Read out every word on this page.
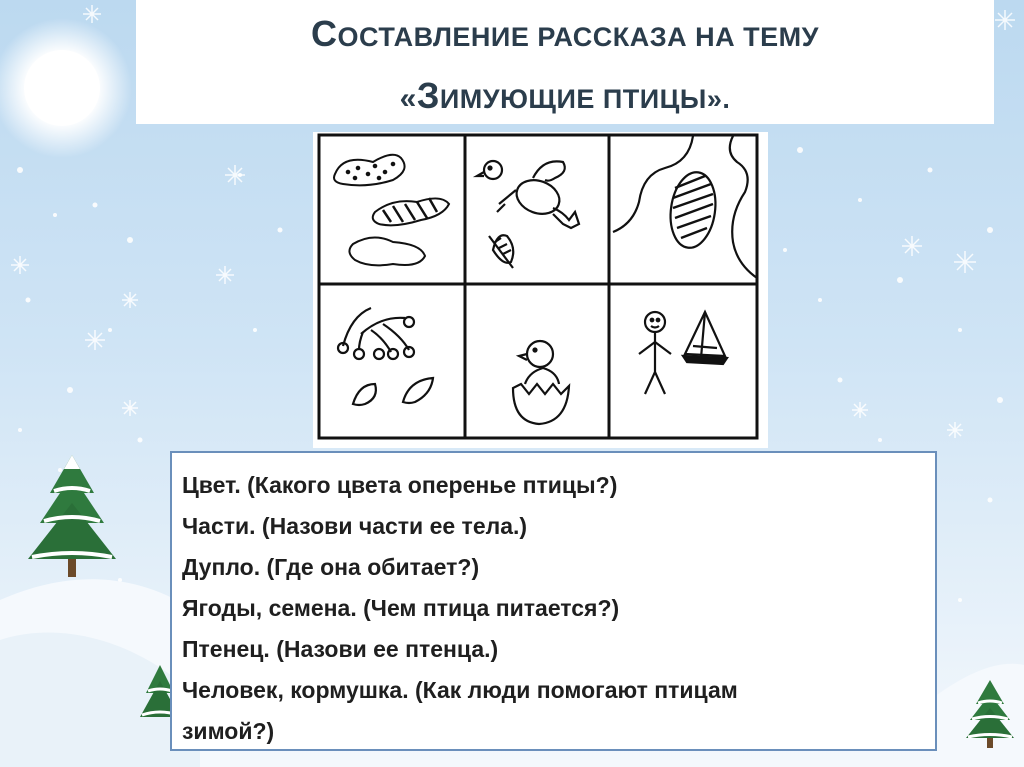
СОСТАВЛЕНИЕ РАССКАЗА НА ТЕМУ
«ЗИМУЮЩИЕ ПТИЦЫ».
Цвет. (Какого цвета оперенье птицы?)
Части. (Назови части ее тела.)
Дупло. (Где она обитает?)
Ягоды, семена. (Чем птица питается?)
Птенец. (Назови ее птенца.)
Человек, кормушка. (Как люди помогают птицам
зимой?)
